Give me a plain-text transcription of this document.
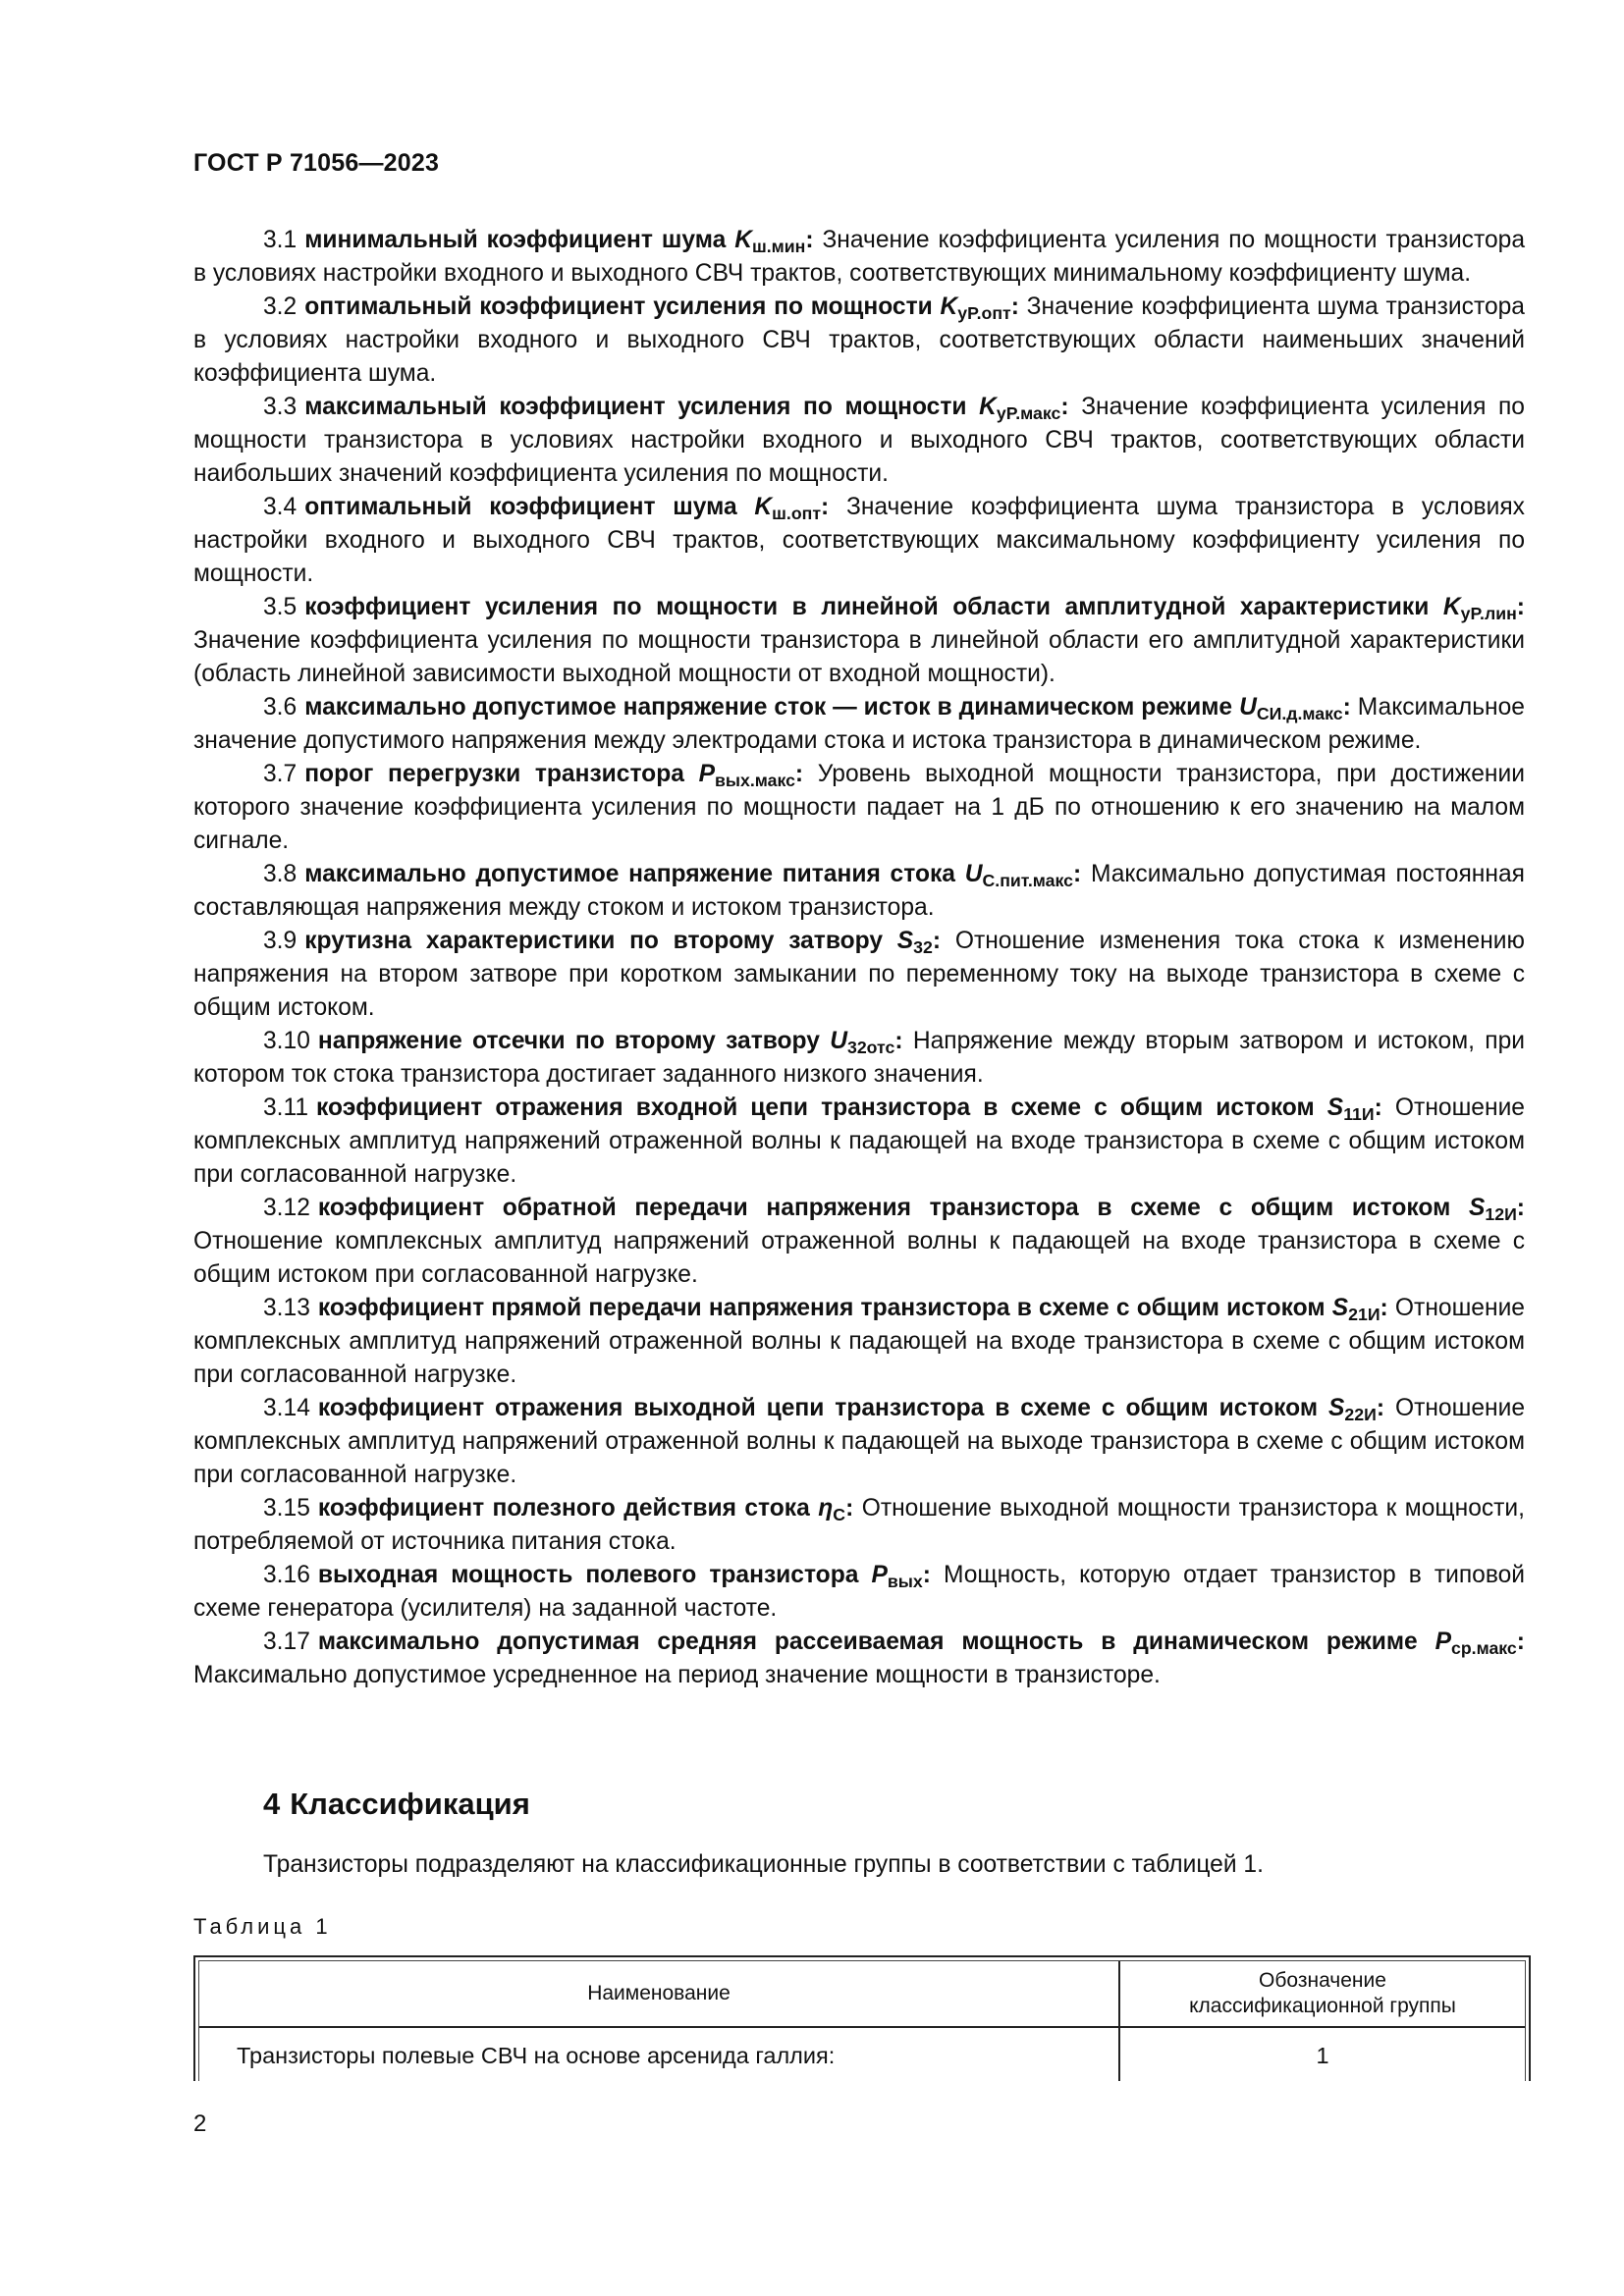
ГОСТ Р 71056—2023

3.1 минимальный коэффициент шума $K_{ш.мин}$: Значение коэффициента усиления по мощности транзистора в условиях настройки входного и выходного СВЧ трактов, соответствующих минимальному коэффициенту шума.

3.2 оптимальный коэффициент усиления по мощности $K_{уP.опт}$: Значение коэффициента шума транзистора в условиях настройки входного и выходного СВЧ трактов, соответствующих области наименьших значений коэффициента шума.

3.3 максимальный коэффициент усиления по мощности $K_{уP.макс}$: Значение коэффициента усиления по мощности транзистора в условиях настройки входного и выходного СВЧ трактов, соответствующих области наибольших значений коэффициента усиления по мощности.

3.4 оптимальный коэффициент шума $K_{ш.опт}$: Значение коэффициента шума транзистора в условиях настройки входного и выходного СВЧ трактов, соответствующих максимальному коэффициенту усиления по мощности.

3.5 коэффициент усиления по мощности в линейной области амплитудной характеристики $K_{уP.лин}$: Значение коэффициента усиления по мощности транзистора в линейной области его амплитудной характеристики (область линейной зависимости выходной мощности от входной мощности).

3.6 максимально допустимое напряжение сток — исток в динамическом режиме $U_{СИ.д.макс}$: Максимальное значение допустимого напряжения между электродами стока и истока транзистора в динамическом режиме.

3.7 порог перегрузки транзистора $P_{вых.макс}$: Уровень выходной мощности транзистора, при достижении которого значение коэффициента усиления по мощности падает на 1 дБ по отношению к его значению на малом сигнале.

3.8 максимально допустимое напряжение питания стока $U_{С.пит.макс}$: Максимально допустимая постоянная составляющая напряжения между стоком и истоком транзистора.

3.9 крутизна характеристики по второму затвору $S_{32}$: Отношение изменения тока стока к изменению напряжения на втором затворе при коротком замыкании по переменному току на выходе транзистора в схеме с общим истоком.

3.10 напряжение отсечки по второму затвору $U_{32отс}$: Напряжение между вторым затвором и истоком, при котором ток стока транзистора достигает заданного низкого значения.

3.11 коэффициент отражения входной цепи транзистора в схеме с общим истоком $S_{11И}$: Отношение комплексных амплитуд напряжений отраженной волны к падающей на входе транзистора в схеме с общим истоком при согласованной нагрузке.

3.12 коэффициент обратной передачи напряжения транзистора в схеме с общим истоком $S_{12И}$: Отношение комплексных амплитуд напряжений отраженной волны к падающей на входе транзистора в схеме с общим истоком при согласованной нагрузке.

3.13 коэффициент прямой передачи напряжения транзистора в схеме с общим истоком $S_{21И}$: Отношение комплексных амплитуд напряжений отраженной волны к падающей на входе транзистора в схеме с общим истоком при согласованной нагрузке.

3.14 коэффициент отражения выходной цепи транзистора в схеме с общим истоком $S_{22И}$: Отношение комплексных амплитуд напряжений отраженной волны к падающей на выходе транзистора в схеме с общим истоком при согласованной нагрузке.

3.15 коэффициент полезного действия стока $\eta_С$: Отношение выходной мощности транзистора к мощности, потребляемой от источника питания стока.

3.16 выходная мощность полевого транзистора $P_{вых}$: Мощность, которую отдает транзистор в типовой схеме генератора (усилителя) на заданной частоте.

3.17 максимально допустимая средняя рассеиваемая мощность в динамическом режиме $P_{ср.макс}$: Максимально допустимое усредненное на период значение мощности в транзисторе.

4 Классификация
Транзисторы подразделяют на классификационные группы в соответствии с таблицей 1.
Таблица 1
Наименование	Обозначение
классификационной группы
Транзисторы полевые СВЧ на основе арсенида галлия:	1
2
